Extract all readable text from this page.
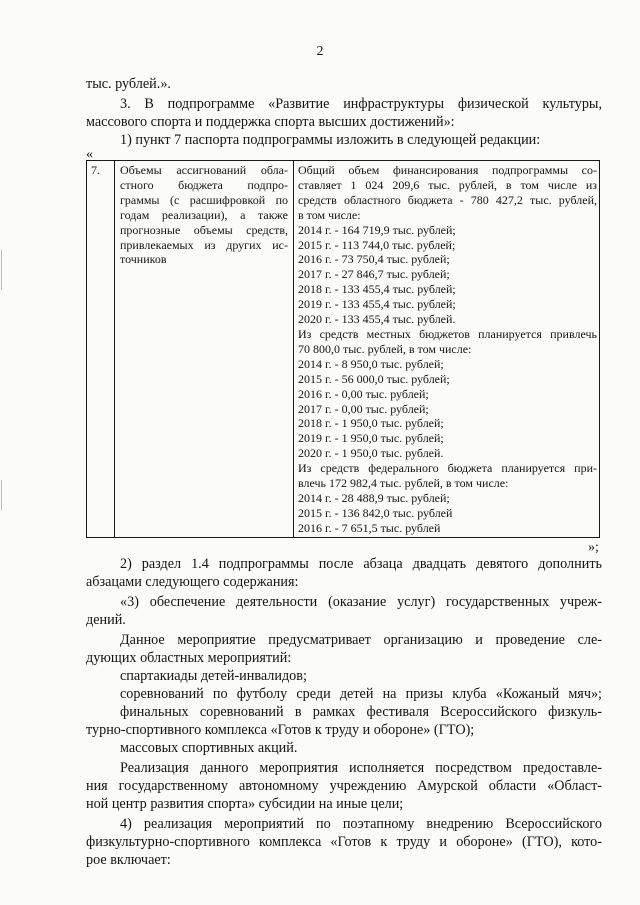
2
тыс. рублей.».
3. В подпрограмме «Развитие инфраструктуры физической культуры,
массового спорта и поддержка спорта высших достижений»:
1) пункт 7 паспорта подпрограммы изложить в следующей редакции:
«
7. Объемы ассигнований обла-
стного бюджета подпро-
граммы (с расшифровкой по
годам реализации), а также
прогнозные объемы средств,
привлекаемых из других ис-
точников
Общий объем финансирования подпрограммы со-
ставляет 1 024 209,6 тыс. рублей, в том числе из
средств областного бюджета - 780 427,2 тыс. рублей,
в том числе:
2014 г. - 164 719,9 тыс. рублей;
2015 г. - 113 744,0 тыс. рублей;
2016 г. - 73 750,4 тыс. рублей;
2017 г. - 27 846,7 тыс. рублей;
2018 г. - 133 455,4 тыс. рублей;
2019 г. - 133 455,4 тыс. рублей;
2020 г. - 133 455,4 тыс. рублей.
Из средств местных бюджетов планируется привлечь
70 800,0 тыс. рублей, в том числе:
2014 г. - 8 950,0 тыс. рублей;
2015 г. - 56 000,0 тыс. рублей;
2016 г. - 0,00 тыс. рублей;
2017 г. - 0,00 тыс. рублей;
2018 г. - 1 950,0 тыс. рублей;
2019 г. - 1 950,0 тыс. рублей;
2020 г. - 1 950,0 тыс. рублей.
Из средств федерального бюджета планируется при-
влечь 172 982,4 тыс. рублей, в том числе:
2014 г. - 28 488,9 тыс. рублей;
2015 г. - 136 842,0 тыс. рублей
2016 г. - 7 651,5 тыс. рублей
»;
2) раздел 1.4 подпрограммы после абзаца двадцать девятого дополнить
абзацами следующего содержания:
«3) обеспечение деятельности (оказание услуг) государственных учреж-
дений.
Данное мероприятие предусматривает организацию и проведение сле-
дующих областных мероприятий:
спартакиады детей-инвалидов;
соревнований по футболу среди детей на призы клуба «Кожаный мяч»;
финальных соревнований в рамках фестиваля Всероссийского физкуль-
турно-спортивного комплекса «Готов к труду и обороне» (ГТО);
массовых спортивных акций.
Реализация данного мероприятия исполняется посредством предоставле-
ния государственному автономному учреждению Амурской области «Област-
ной центр развития спорта» субсидии на иные цели;
4) реализация мероприятий по поэтапному внедрению Всероссийского
физкультурно-спортивного комплекса «Готов к труду и обороне» (ГТО), кото-
рое включает:
